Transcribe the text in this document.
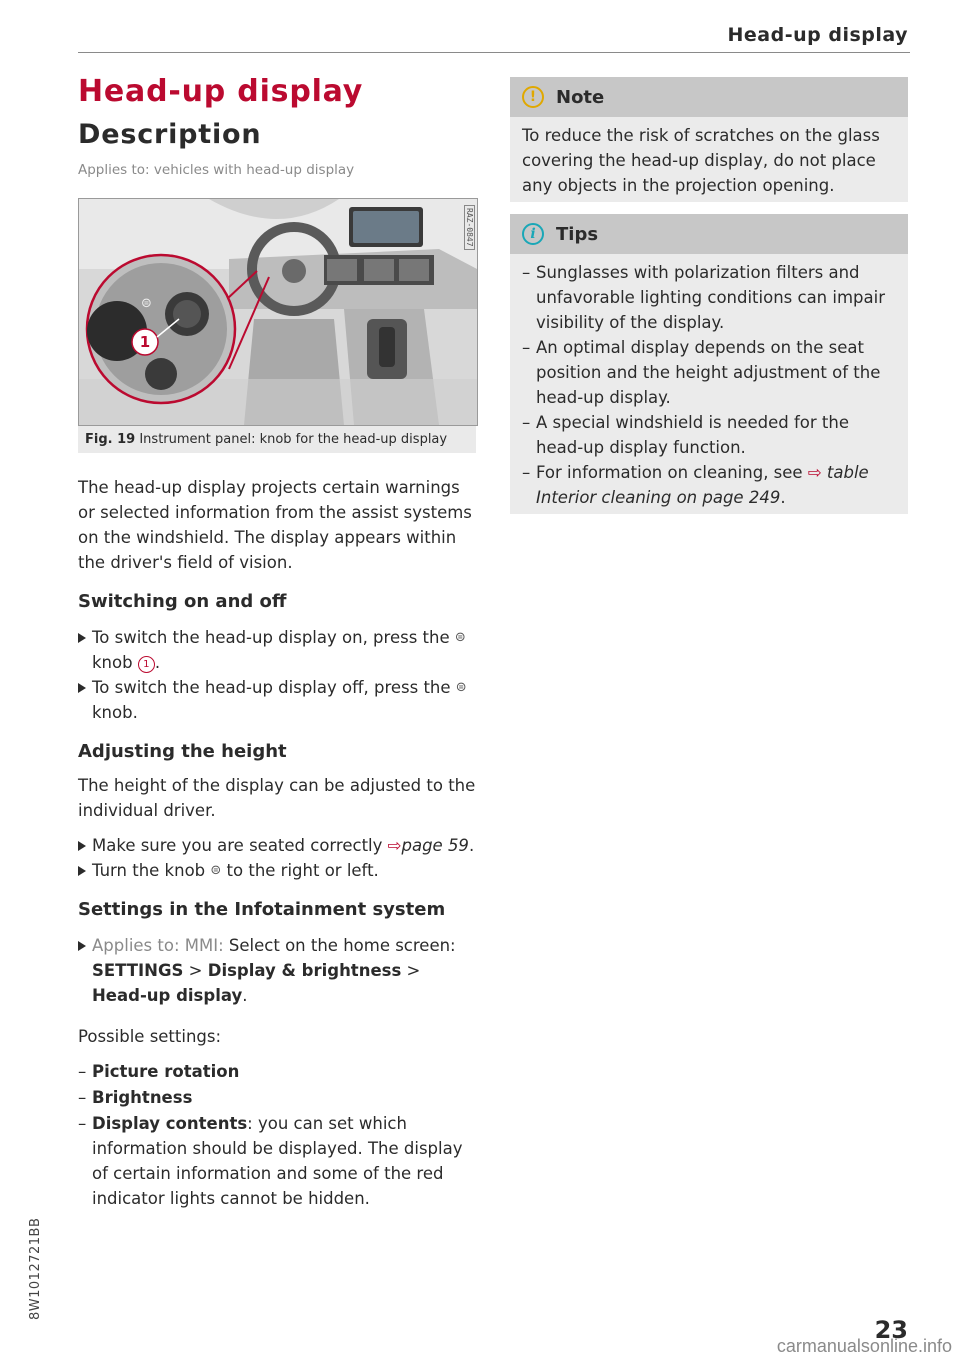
Head-up display
Head-up display
Description
Applies to: vehicles with head-up display
⊜
1
RAZ-0847
Fig. 19 Instrument panel: knob for the head-up display

The head-up display projects certain warnings or selected information from the assist systems on the windshield. The display appears within the driver's field of vision.

Switching on and off
To switch the head-up display on, press the ⊜ knob 1 .
To switch the head-up display off, press the ⊜ knob.
Adjusting the height

The height of the display can be adjusted to the individual driver.

Make sure you are seated correctly ⇨page 59.
Turn the knob ⊜ to the right or left.
Settings in the Infotainment system
Applies to: MMI: Select on the home screen: SETTINGS > Display & brightness > Head-up display.

Possible settings:

– Picture rotation
– Brightness
– Display contents: you can set which information should be displayed. The display of certain information and some of the red indicator lights cannot be hidden.
!	Note

To reduce the risk of scratches on the glass covering the head-up display, do not place any objects in the projection opening.

i	Tips
– Sunglasses with polarization filters and unfavorable lighting conditions can impair visibility of the display.
– An optimal display depends on the seat position and the height adjustment of the head-up display.
– A special windshield is needed for the head-up display function.
– For information on cleaning, see ⇨ table Interior cleaning on page 249.
8W1012721BB
23
carmanualsonline.info
